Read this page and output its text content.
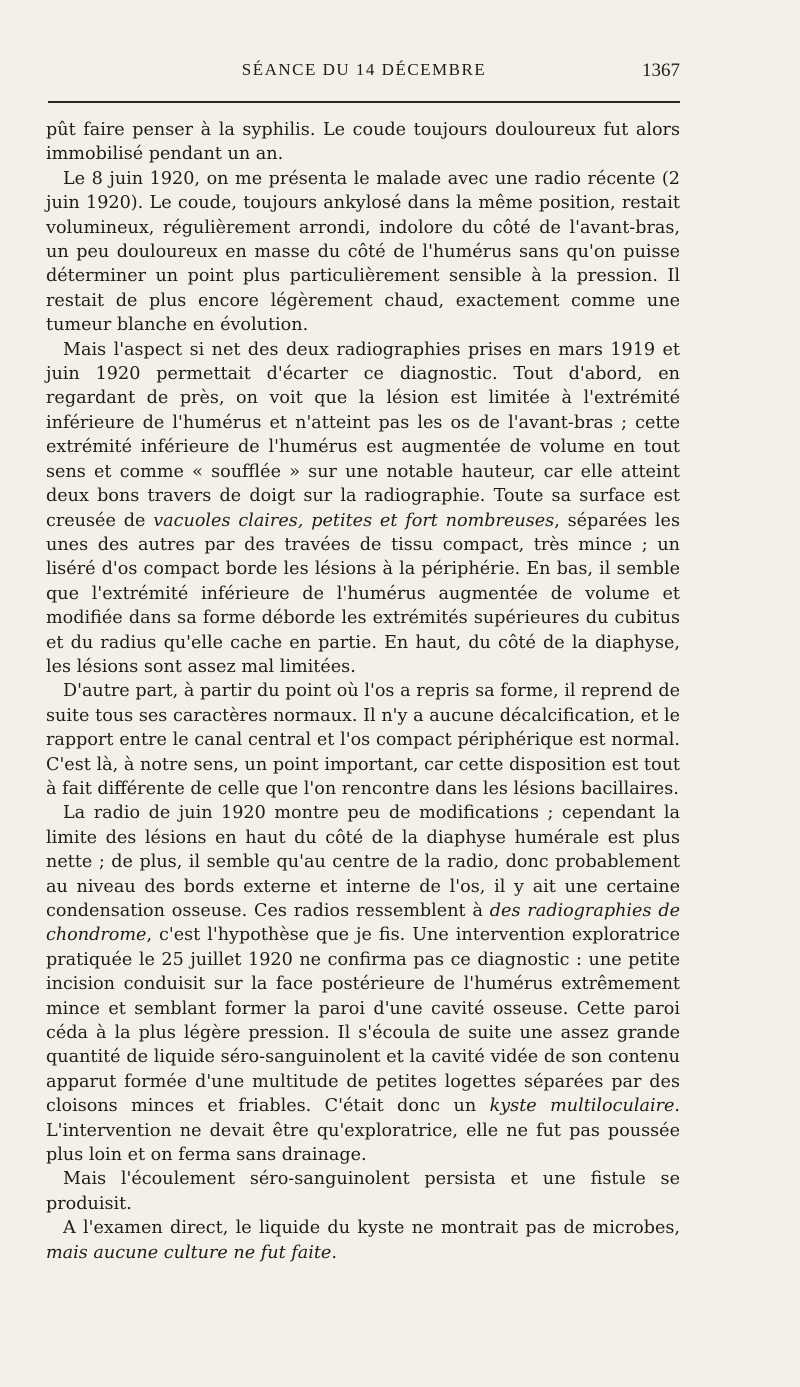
SÉANCE DU 14 DÉCEMBRE	1367

pût faire penser à la syphilis. Le coude toujours douloureux fut alors immobilisé pendant un an.

Le 8 juin 1920, on me présenta le malade avec une radio récente (2 juin 1920). Le coude, toujours ankylosé dans la même position, restait volumineux, régulièrement arrondi, indolore du côté de l'avant-bras, un peu douloureux en masse du côté de l'humérus sans qu'on puisse déterminer un point plus particulièrement sensible à la pression. Il restait de plus encore légèrement chaud, exactement comme une tumeur blanche en évolution.

Mais l'aspect si net des deux radiographies prises en mars 1919 et juin 1920 permettait d'écarter ce diagnostic. Tout d'abord, en regardant de près, on voit que la lésion est limitée à l'extrémité inférieure de l'humérus et n'atteint pas les os de l'avant-bras ; cette extrémité inférieure de l'humérus est augmentée de volume en tout sens et comme « soufflée » sur une notable hauteur, car elle atteint deux bons travers de doigt sur la radiographie. Toute sa surface est creusée de vacuoles claires, petites et fort nombreuses, séparées les unes des autres par des travées de tissu compact, très mince ; un liséré d'os compact borde les lésions à la périphérie. En bas, il semble que l'extrémité inférieure de l'humérus augmentée de volume et modifiée dans sa forme déborde les extrémités supérieures du cubitus et du radius qu'elle cache en partie. En haut, du côté de la diaphyse, les lésions sont assez mal limitées.

D'autre part, à partir du point où l'os a repris sa forme, il reprend de suite tous ses caractères normaux. Il n'y a aucune décalcification, et le rapport entre le canal central et l'os compact périphérique est normal. C'est là, à notre sens, un point important, car cette disposition est tout à fait différente de celle que l'on rencontre dans les lésions bacillaires.

La radio de juin 1920 montre peu de modifications ; cependant la limite des lésions en haut du côté de la diaphyse humérale est plus nette ; de plus, il semble qu'au centre de la radio, donc probablement au niveau des bords externe et interne de l'os, il y ait une certaine condensation osseuse. Ces radios ressemblent à des radiographies de chondrome, c'est l'hypothèse que je fis. Une intervention exploratrice pratiquée le 25 juillet 1920 ne confirma pas ce diagnostic : une petite incision conduisit sur la face postérieure de l'humérus extrêmement mince et semblant former la paroi d'une cavité osseuse. Cette paroi céda à la plus légère pression. Il s'écoula de suite une assez grande quantité de liquide séro-sanguinolent et la cavité vidée de son contenu apparut formée d'une multitude de petites logettes séparées par des cloisons minces et friables. C'était donc un kyste multiloculaire. L'intervention ne devait être qu'exploratrice, elle ne fut pas poussée plus loin et on ferma sans drainage.

Mais l'écoulement séro-sanguinolent persista et une fistule se produisit.

A l'examen direct, le liquide du kyste ne montrait pas de microbes, mais aucune culture ne fut faite.
